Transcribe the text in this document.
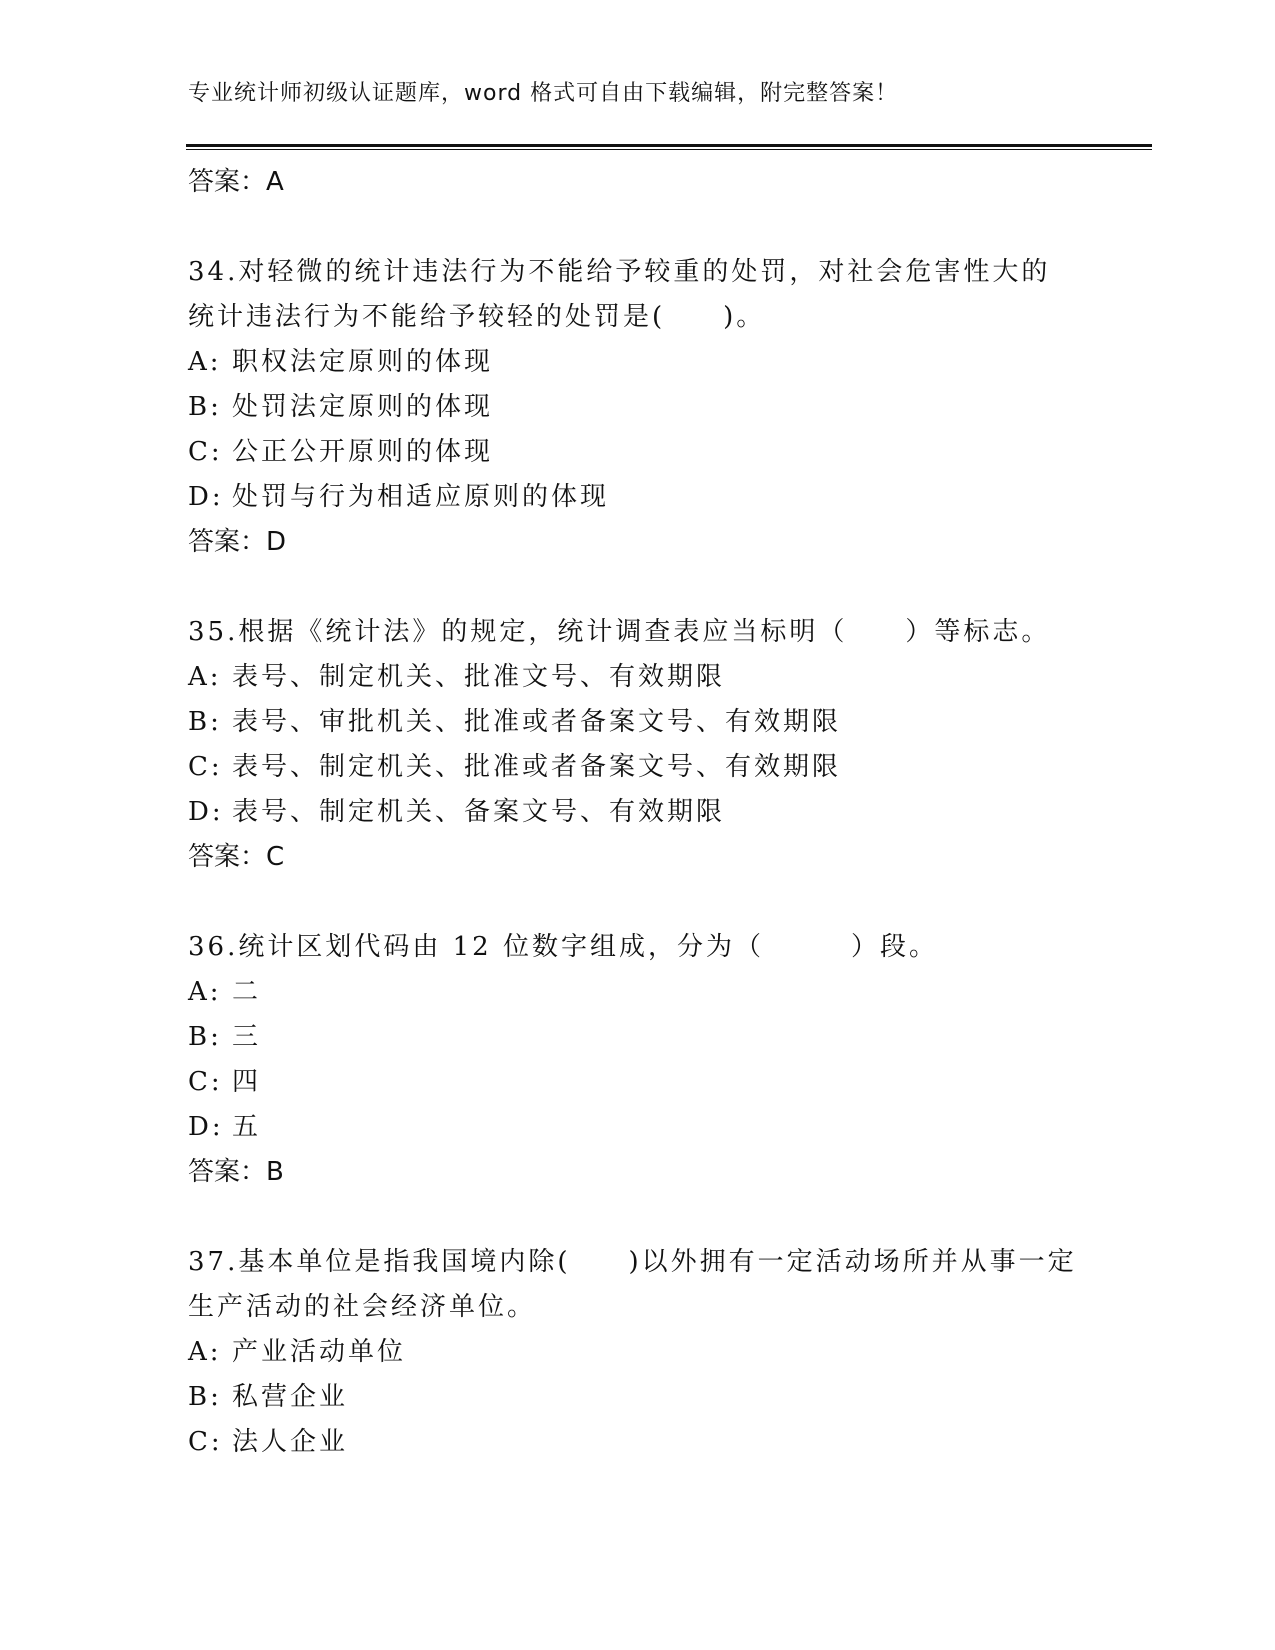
专业统计师初级认证题库，word 格式可自由下载编辑，附完整答案！
答案：A
34.对轻微的统计违法行为不能给予较重的处罚，对社会危害性大的统计违法行为不能给予较轻的处罚是(　　)。
A: 职权法定原则的体现
B: 处罚法定原则的体现
C: 公正公开原则的体现
D: 处罚与行为相适应原则的体现
答案：D
35.根据《统计法》的规定，统计调查表应当标明（　　）等标志。
A: 表号、制定机关、批准文号、有效期限
B: 表号、审批机关、批准或者备案文号、有效期限
C: 表号、制定机关、批准或者备案文号、有效期限
D: 表号、制定机关、备案文号、有效期限
答案：C
36.统计区划代码由 12 位数字组成，分为（　　　）段。
A: 二
B: 三
C: 四
D: 五
答案：B
37.基本单位是指我国境内除(　　)以外拥有一定活动场所并从事一定生产活动的社会经济单位。
A: 产业活动单位
B: 私营企业
C: 法人企业
